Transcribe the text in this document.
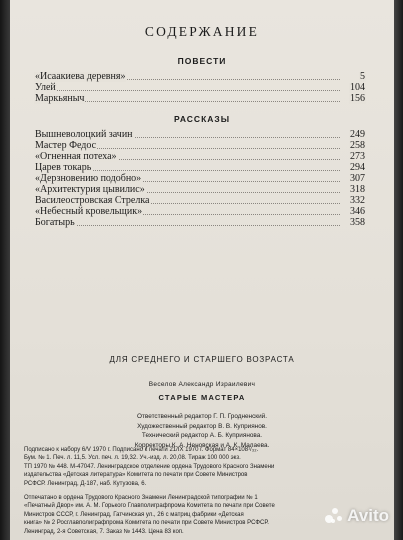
СОДЕРЖАНИЕ
ПОВЕСТИ
«Исаакиева деревня»	5
Улей	104
Маркьяныч	156
РАССКАЗЫ
Вышневолоцкий зачин	249
Мастер Федос	258
«Огненная потеха»	273
Царев токарь	294
«Дерзновению подобно»	307
«Архитектурия цывилис»	318
Василеостровская Стрелка	332
«Небесный кровельщик»	346
Богатырь	358
ДЛЯ СРЕДНЕГО И СТАРШЕГО ВОЗРАСТА
Веселов Александр Израилевич
СТАРЫЕ МАСТЕРА
Ответственный редактор Г. П. Гродненский.
Художественный редактор В. В. Куприянов.
Технический редактор А. Б. Куприянова.
Корректоры К. А. Неновская и А. К. Малаева.
Подписано к набору 6/V 1970 г. Подписано к печати 21/IX 1970 г. Формат 84×108¹/₃₂.
Бум. № 1. Печ. л. 11,5. Усл. печ. л. 19,32. Уч.-изд. л. 20,08. Тираж 100 000 экз.
ТП 1970 № 448. М-47047. Ленинградское отделение ордена Трудового Красного Знамени
издательства «Детская литература» Комитета по печати при Совете Министров
РСФСР. Ленинград, Д-187, наб. Кутузова, 6.
Отпечатано в ордена Трудового Красного Знамени Ленинградской типографии № 1
«Печатный Двор» им. А. М. Горького Главполиграфпрома Комитета по печати при Совете
Министров СССР, г. Ленинград, Гатчинская ул., 26 с матриц фабрики «Детская
книга» № 2 Росглавполиграфпрома Комитета по печати при Совете Министров РСФСР.
Ленинград, 2-я Советская, 7. Заказ № 1443. Цена 83 коп.
Avito
